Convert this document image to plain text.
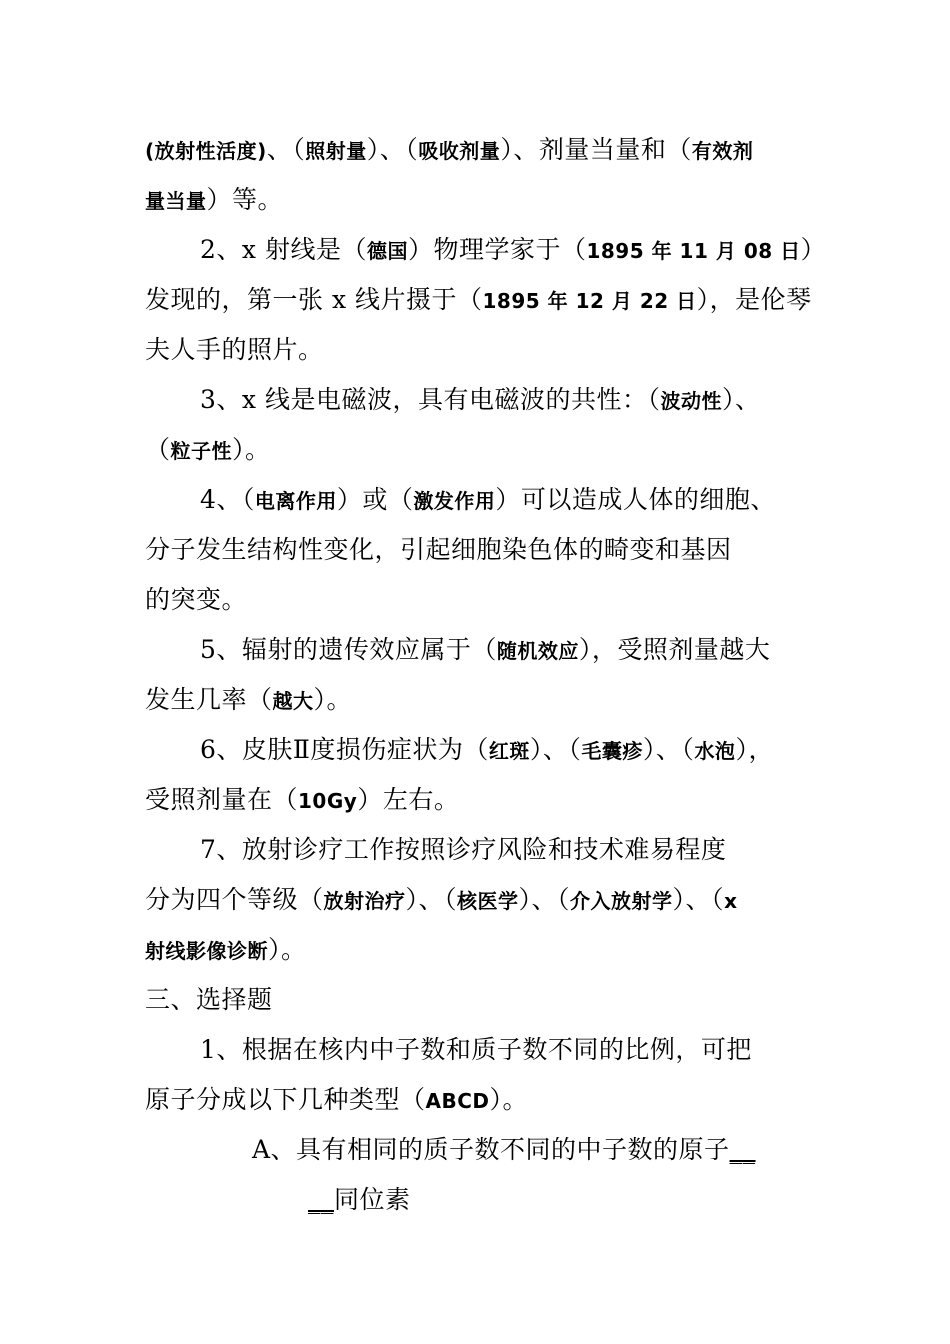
(放射性活度)、（照射量）、（吸收剂量）、剂量当量和（有效剂
量当量）等。
2、x 射线是（德国）物理学家于（1895 年 11 月 08 日）
发现的，第一张 x 线片摄于（1895 年 12 月 22 日），是伦琴
夫人手的照片。
3、x 线是电磁波，具有电磁波的共性：（波动性）、
（粒子性）。
4、（电离作用）或（激发作用）可以造成人体的细胞、
分子发生结构性变化，引起细胞染色体的畸变和基因
的突变。
5、辐射的遗传效应属于（随机效应），受照剂量越大
发生几率（越大）。
6、皮肤Ⅱ度损伤症状为（红斑）、（毛囊疹）、（水泡），
受照剂量在（10Gy）左右。
7、放射诊疗工作按照诊疗风险和技术难易程度
分为四个等级（放射治疗）、（核医学）、（介入放射学）、（x
射线影像诊断）。
三、选择题
1、根据在核内中子数和质子数不同的比例，可把
原子分成以下几种类型（ABCD）。
A、具有相同的质子数不同的中子数的原子__
__同位素
